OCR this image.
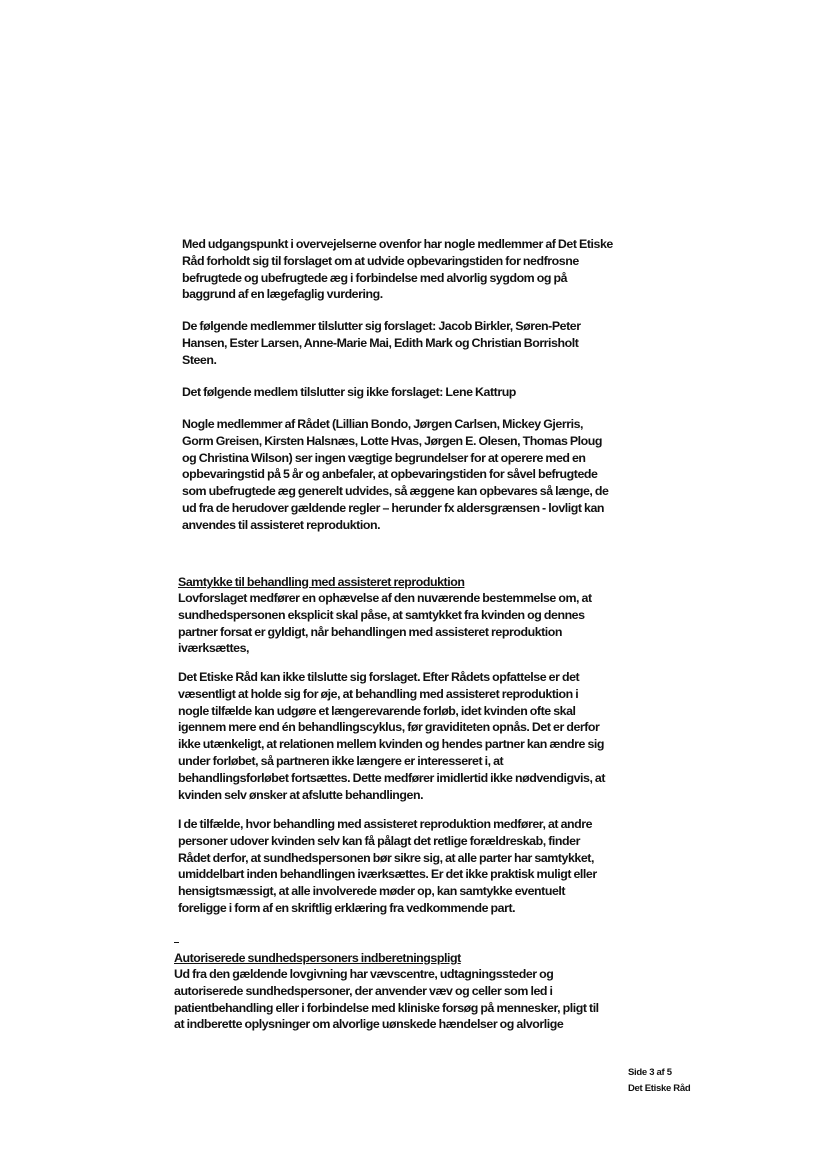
Med udgangspunkt i overvejelserne ovenfor har nogle medlemmer af Det Etiske
Råd forholdt sig til forslaget om at udvide opbevaringstiden for nedfrosne
befrugtede og ubefrugtede æg i forbindelse med alvorlig sygdom og på
baggrund af en lægefaglig vurdering.

De følgende medlemmer tilslutter sig forslaget: Jacob Birkler, Søren-Peter
Hansen, Ester Larsen, Anne-Marie Mai, Edith Mark og Christian Borrisholt
Steen.

Det følgende medlem tilslutter sig ikke forslaget: Lene Kattrup

Nogle medlemmer af Rådet (Lillian Bondo, Jørgen Carlsen, Mickey Gjerris,
Gorm Greisen, Kirsten Halsnæs, Lotte Hvas, Jørgen E. Olesen, Thomas Ploug
og Christina Wilson) ser ingen vægtige begrundelser for at operere med en
opbevaringstid på 5 år og anbefaler, at opbevaringstiden for såvel befrugtede
som ubefrugtede æg generelt udvides, så æggene kan opbevares så længe, de
ud fra de herudover gældende regler – herunder fx aldersgrænsen - lovligt kan
anvendes til assisteret reproduktion.

Samtykke til behandling med assisteret reproduktion

Lovforslaget medfører en ophævelse af den nuværende bestemmelse om, at
sundhedspersonen eksplicit skal påse, at samtykket fra kvinden og dennes
partner forsat er gyldigt, når behandlingen med assisteret reproduktion
iværksættes,

Det Etiske Råd kan ikke tilslutte sig forslaget. Efter Rådets opfattelse er det
væsentligt at holde sig for øje, at behandling med assisteret reproduktion i
nogle tilfælde kan udgøre et længerevarende forløb, idet kvinden ofte skal
igennem mere end én behandlingscyklus, før graviditeten opnås. Det er derfor
ikke utænkeligt, at relationen mellem kvinden og hendes partner kan ændre sig
under forløbet, så partneren ikke længere er interesseret i, at
behandlingsforløbet fortsættes. Dette medfører imidlertid ikke nødvendigvis, at
kvinden selv ønsker at afslutte behandlingen.

I de tilfælde, hvor behandling med assisteret reproduktion medfører, at andre
personer udover kvinden selv kan få pålagt det retlige forældreskab, finder
Rådet derfor, at sundhedspersonen bør sikre sig, at alle parter har samtykket,
umiddelbart inden behandlingen iværksættes. Er det ikke praktisk muligt eller
hensigtsmæssigt, at alle involverede møder op, kan samtykke eventuelt
foreligge i form af en skriftlig erklæring fra vedkommende part.

Autoriserede sundhedspersoners indberetningspligt

Ud fra den gældende lovgivning har vævscentre, udtagningssteder og
autoriserede sundhedspersoner, der anvender væv og celler som led i
patientbehandling eller i forbindelse med kliniske forsøg på mennesker, pligt til
at indberette oplysninger om alvorlige uønskede hændelser og alvorlige

Side 3 af 5
Det Etiske Råd
